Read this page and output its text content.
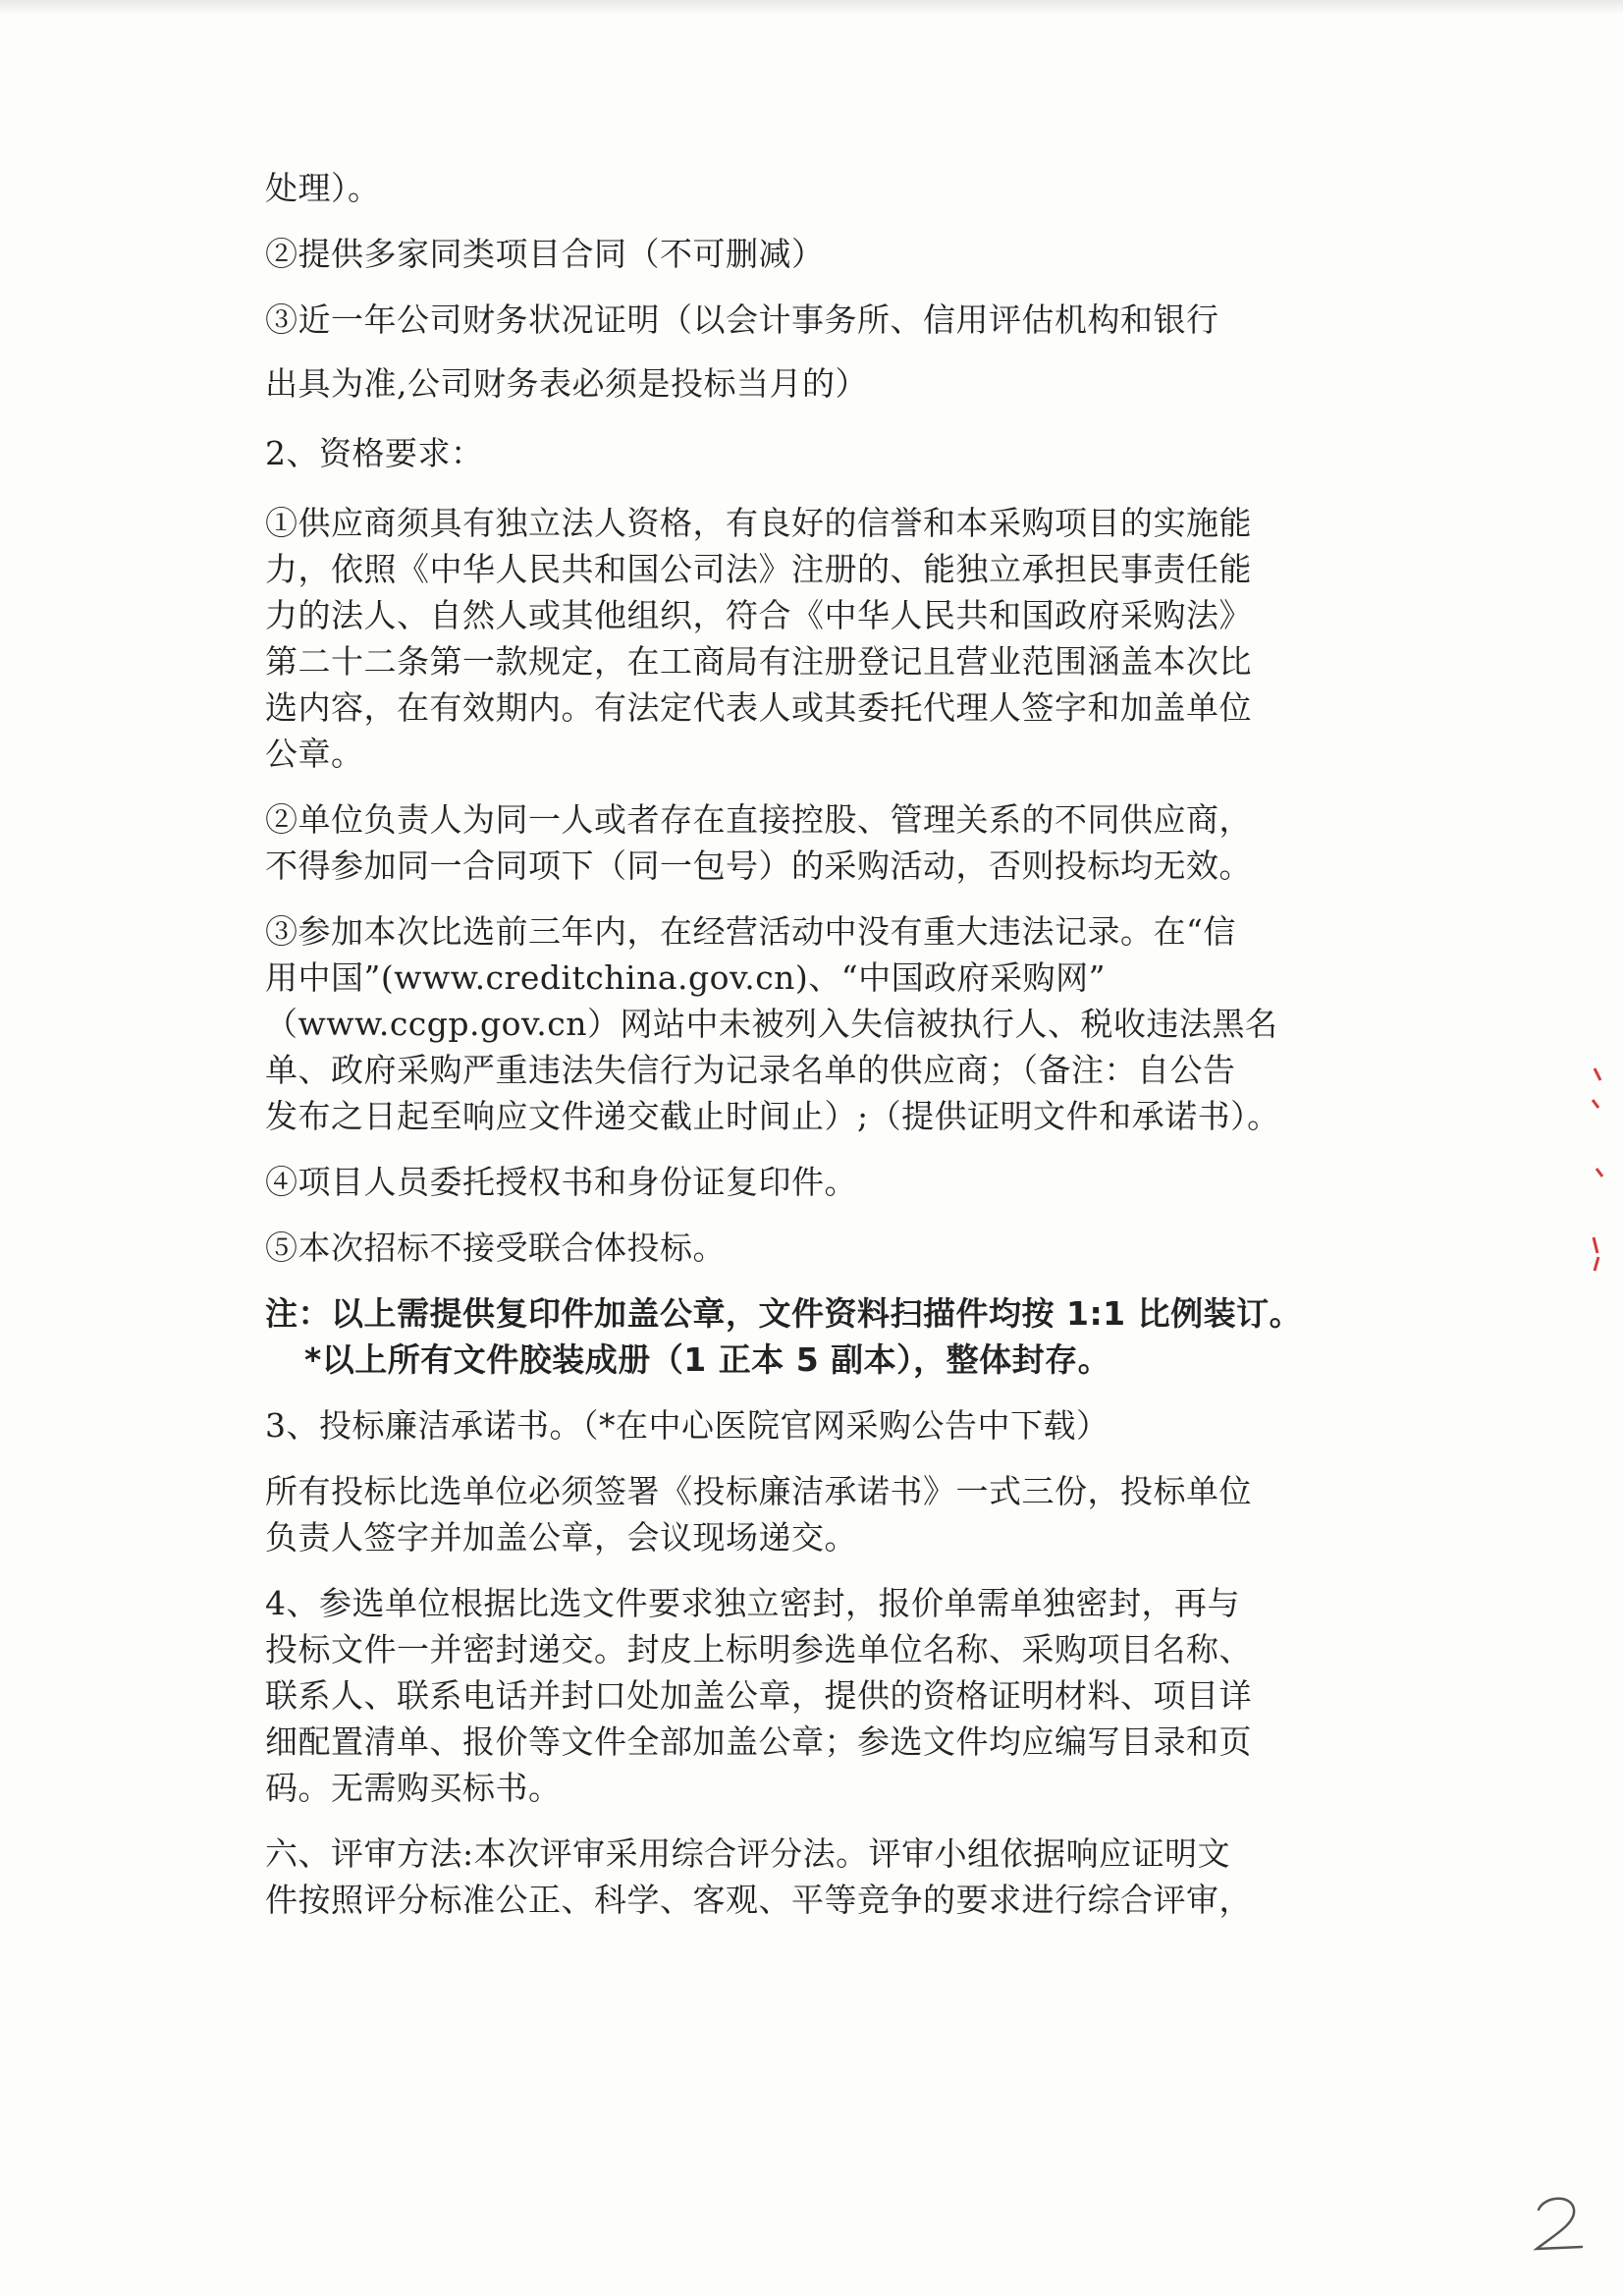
处理）。
②提供多家同类项目合同（不可删减）
③近一年公司财务状况证明（以会计事务所、信用评估机构和银行
出具为准,公司财务表必须是投标当月的）
2、资格要求：
①供应商须具有独立法人资格，有良好的信誉和本采购项目的实施能
力，依照《中华人民共和国公司法》注册的、能独立承担民事责任能
力的法人、自然人或其他组织，符合《中华人民共和国政府采购法》
第二十二条第一款规定，在工商局有注册登记且营业范围涵盖本次比
选内容，在有效期内。有法定代表人或其委托代理人签字和加盖单位
公章。
②单位负责人为同一人或者存在直接控股、管理关系的不同供应商，
不得参加同一合同项下（同一包号）的采购活动，否则投标均无效。
③参加本次比选前三年内，在经营活动中没有重大违法记录。在“信
用中国”(www.creditchina.gov.cn)、“中国政府采购网”
（www.ccgp.gov.cn）网站中未被列入失信被执行人、税收违法黑名
单、政府采购严重违法失信行为记录名单的供应商；（备注：自公告
发布之日起至响应文件递交截止时间止）;（提供证明文件和承诺书）。
④项目人员委托授权书和身份证复印件。
⑤本次招标不接受联合体投标。
注：以上需提供复印件加盖公章，文件资料扫描件均按 1:1 比例装订。
*以上所有文件胶装成册（1 正本 5 副本），整体封存。
3、投标廉洁承诺书。（*在中心医院官网采购公告中下载）
所有投标比选单位必须签署《投标廉洁承诺书》一式三份，投标单位
负责人签字并加盖公章，会议现场递交。
4、参选单位根据比选文件要求独立密封，报价单需单独密封，再与
投标文件一并密封递交。封皮上标明参选单位名称、采购项目名称、
联系人、联系电话并封口处加盖公章，提供的资格证明材料、项目详
细配置清单、报价等文件全部加盖公章；参选文件均应编写目录和页
码。无需购买标书。
六、评审方法:本次评审采用综合评分法。评审小组依据响应证明文
件按照评分标准公正、科学、客观、平等竞争的要求进行综合评审，
